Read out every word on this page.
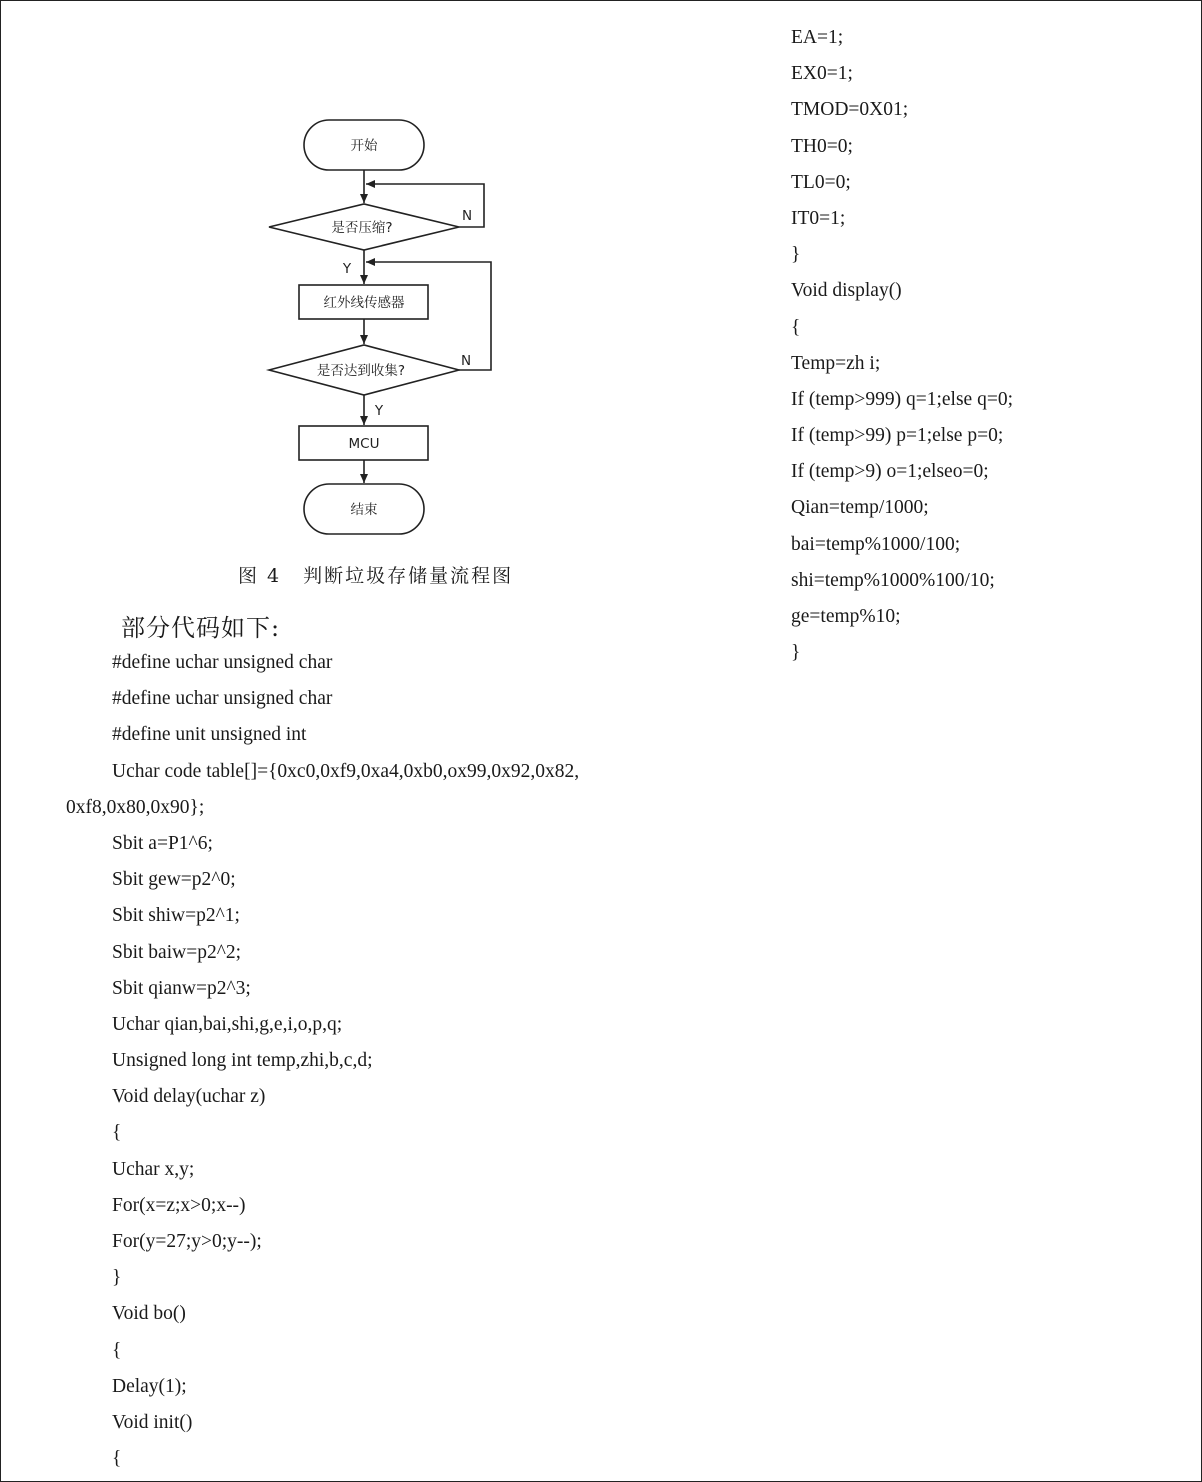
开始
是否压缩?
红外线传感器
是否达到收集?
MCU
结束
Y
N
Y
N
图 4 判断垃圾存储量流程图
部分代码如下:
#define uchar unsigned char
#define uchar unsigned char
#define unit unsigned int
Uchar code table[]={0xc0,0xf9,0xa4,0xb0,ox99,0x92,0x82,
0xf8,0x80,0x90};
Sbit a=P1^6;
Sbit gew=p2^0;
Sbit shiw=p2^1;
Sbit baiw=p2^2;
Sbit qianw=p2^3;
Uchar qian,bai,shi,g,e,i,o,p,q;
Unsigned long int temp,zhi,b,c,d;
Void delay(uchar z)
{
Uchar x,y;
For(x=z;x>0;x--)
For(y=27;y>0;y--);
}
Void bo()
{
Delay(1);
Void init()
{
EA=1;
EX0=1;
TMOD=0X01;
TH0=0;
TL0=0;
IT0=1;
}
Void display()
{
Temp=zh i;
If (temp>999) q=1;else q=0;
If (temp>99) p=1;else p=0;
If (temp>9) o=1;elseo=0;
Qian=temp/1000;
bai=temp%1000/100;
shi=temp%1000%100/10;
ge=temp%10;
}
